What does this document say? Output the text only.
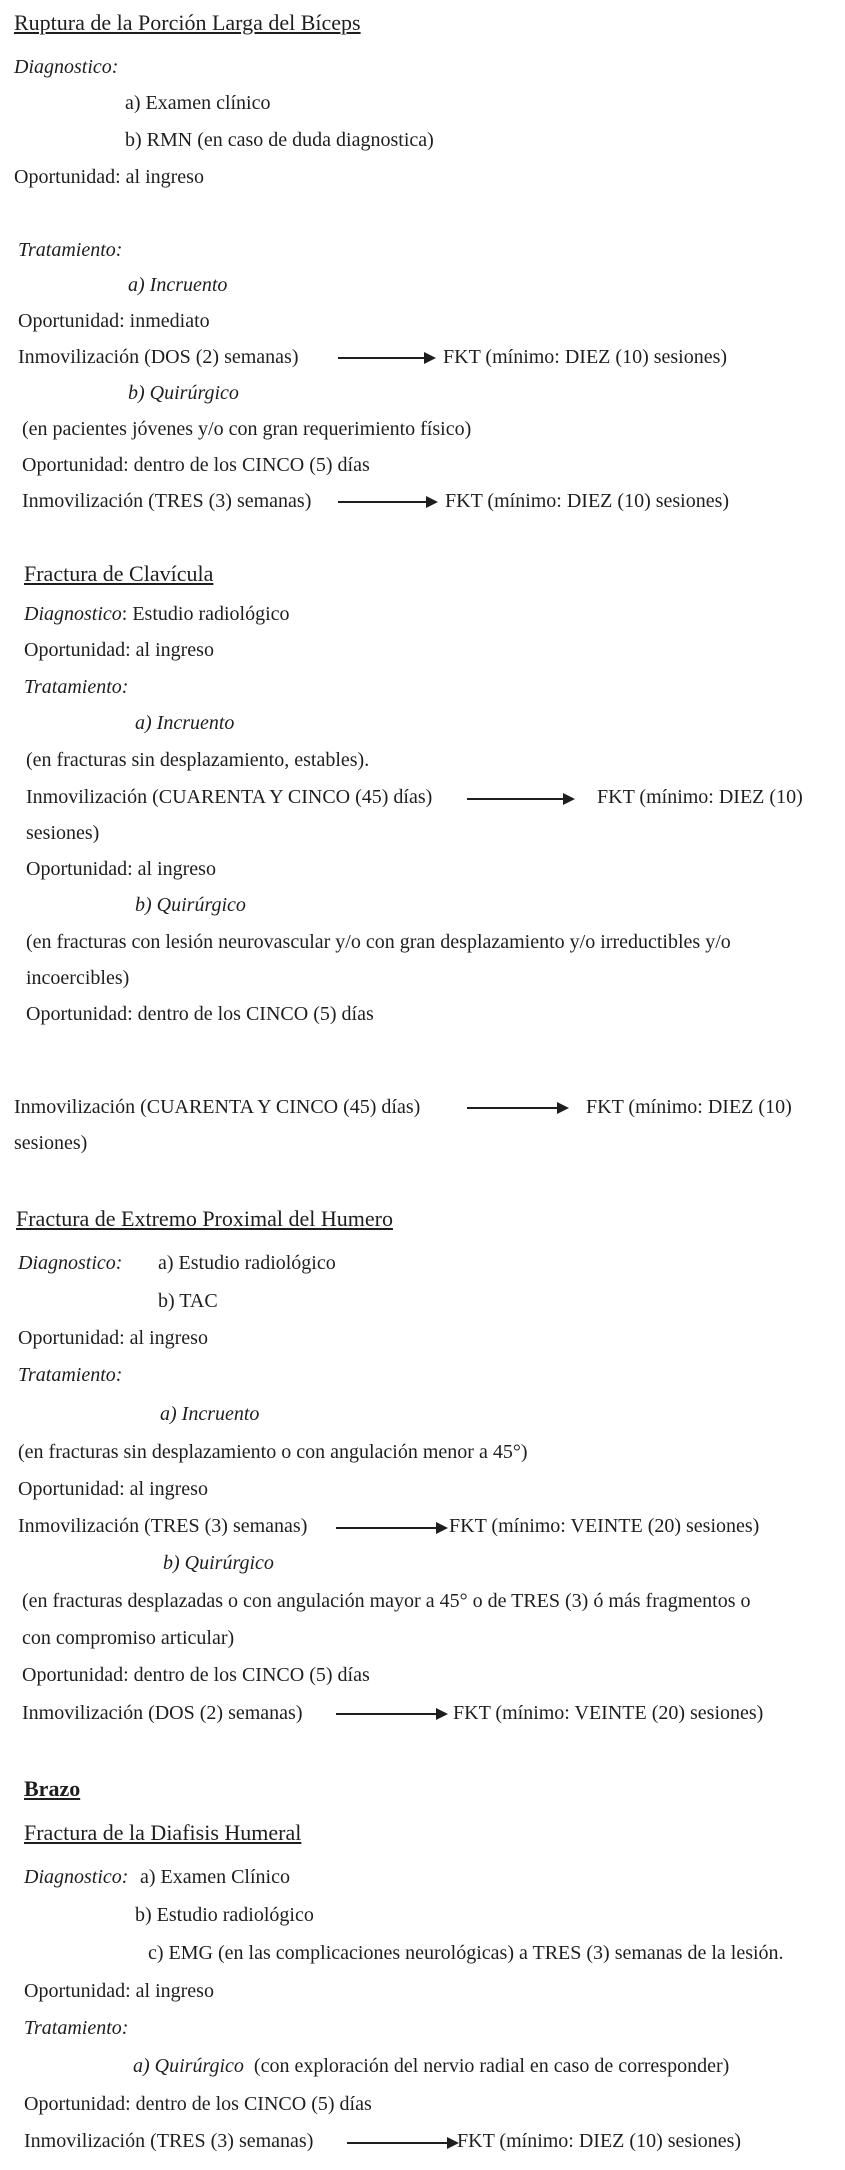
Ruptura de la Porción Larga del Bíceps
Diagnostico:
a) Examen clínico
b) RMN (en caso de duda diagnostica)
Oportunidad: al ingreso
Tratamiento:
a) Incruento
Oportunidad: inmediato
Inmovilización (DOS (2) semanas)	FKT (mínimo: DIEZ (10) sesiones)
b) Quirúrgico
(en pacientes jóvenes y/o con gran requerimiento físico)
Oportunidad: dentro de los CINCO (5) días
Inmovilización (TRES (3) semanas)	FKT (mínimo: DIEZ (10) sesiones)
Fractura de Clavícula
Diagnostico: Estudio radiológico
Oportunidad: al ingreso
Tratamiento:
a) Incruento
(en fracturas sin desplazamiento, estables).
Inmovilización (CUARENTA Y CINCO (45) días)	FKT (mínimo: DIEZ (10)
sesiones)
Oportunidad: al ingreso
b) Quirúrgico
(en fracturas con lesión neurovascular y/o con gran desplazamiento y/o irreductibles y/o
incoercibles)
Oportunidad: dentro de los CINCO (5) días
Inmovilización (CUARENTA Y CINCO (45) días)	FKT (mínimo: DIEZ (10)
sesiones)
Fractura de Extremo Proximal del Humero
Diagnostico: a) Estudio radiológico
b) TAC
Oportunidad: al ingreso
Tratamiento:
a) Incruento
(en fracturas sin desplazamiento o con angulación menor a 45°)
Oportunidad: al ingreso
Inmovilización (TRES (3) semanas)	FKT (mínimo: VEINTE (20) sesiones)
b) Quirúrgico
(en fracturas desplazadas o con angulación mayor a 45° o de TRES (3) ó más fragmentos o
con compromiso articular)
Oportunidad: dentro de los CINCO (5) días
Inmovilización (DOS (2) semanas)	FKT (mínimo: VEINTE (20) sesiones)
Brazo
Fractura de la Diafisis Humeral
Diagnostico: a) Examen Clínico
b) Estudio radiológico
c) EMG (en las complicaciones neurológicas) a TRES (3) semanas de la lesión.
Oportunidad: al ingreso
Tratamiento:
a) Quirúrgico (con exploración del nervio radial en caso de corresponder)
Oportunidad: dentro de los CINCO (5) días
Inmovilización (TRES (3) semanas)	FKT (mínimo: DIEZ (10) sesiones)
